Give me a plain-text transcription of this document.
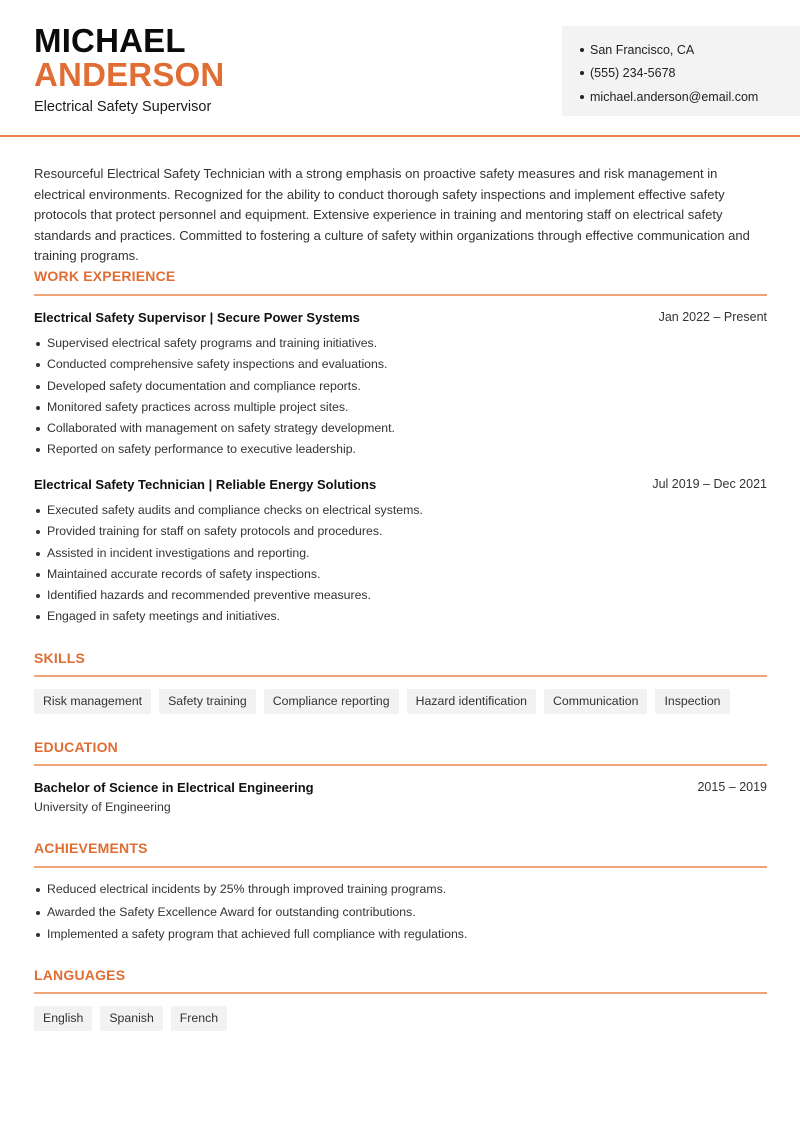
MICHAEL
ANDERSON
Electrical Safety Supervisor
San Francisco, CA
(555) 234-5678
michael.anderson@email.com

Resourceful Electrical Safety Technician with a strong emphasis on proactive safety measures and risk management in electrical environments. Recognized for the ability to conduct thorough safety inspections and implement effective safety protocols that protect personnel and equipment. Extensive experience in training and mentoring staff on electrical safety standards and practices. Committed to fostering a culture of safety within organizations through effective communication and training programs.

WORK EXPERIENCE
Electrical Safety Supervisor | Secure Power Systems	Jan 2022 – Present
Supervised electrical safety programs and training initiatives.
Conducted comprehensive safety inspections and evaluations.
Developed safety documentation and compliance reports.
Monitored safety practices across multiple project sites.
Collaborated with management on safety strategy development.
Reported on safety performance to executive leadership.
Electrical Safety Technician | Reliable Energy Solutions	Jul 2019 – Dec 2021
Executed safety audits and compliance checks on electrical systems.
Provided training for staff on safety protocols and procedures.
Assisted in incident investigations and reporting.
Maintained accurate records of safety inspections.
Identified hazards and recommended preventive measures.
Engaged in safety meetings and initiatives.
SKILLS
Risk management	Safety training	Compliance reporting	Hazard identification	Communication	Inspection
EDUCATION
Bachelor of Science in Electrical Engineering	2015 – 2019
University of Engineering
ACHIEVEMENTS
Reduced electrical incidents by 25% through improved training programs.
Awarded the Safety Excellence Award for outstanding contributions.
Implemented a safety program that achieved full compliance with regulations.
LANGUAGES
English	Spanish	French
